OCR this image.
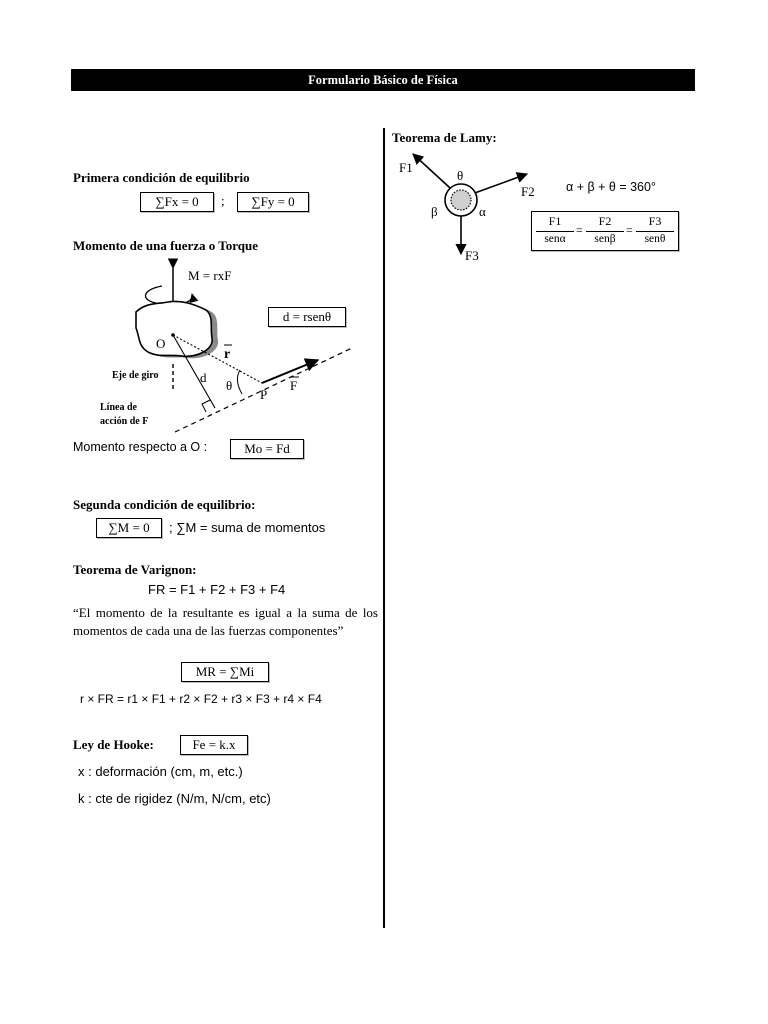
Formulario Básico de Física
Primera condición de equilibrio
∑Fx = 0	;	∑Fy = 0
Momento de una fuerza o Torque
O
r
d
θ
P
F
Eje de giro
Línea de
acción de F
M = rxF
d = rsenθ
Momento respecto a O :	Mo = Fd
Segunda condición de equilibrio:
∑M = 0	; ∑M = suma de momentos
Teorema de Varignon:
FR = F1 + F2 + F3 + F4
“El momento de la resultante es igual a la suma de los momentos de cada una de las fuerzas componentes”
MR = ∑Mi
r × FR = r1 × F1 + r2 × F2 + r3 × F3 + r4 × F4
Ley de Hooke:	Fe = k.x
x : deformación (cm, m, etc.)
k : cte de rigidez (N/m, N/cm, etc)
Teorema de Lamy:
F1
F2
F3
θ
β	α
α + β + θ = 360°
F1
senα
=
F2
senβ
=
F3
senθ
